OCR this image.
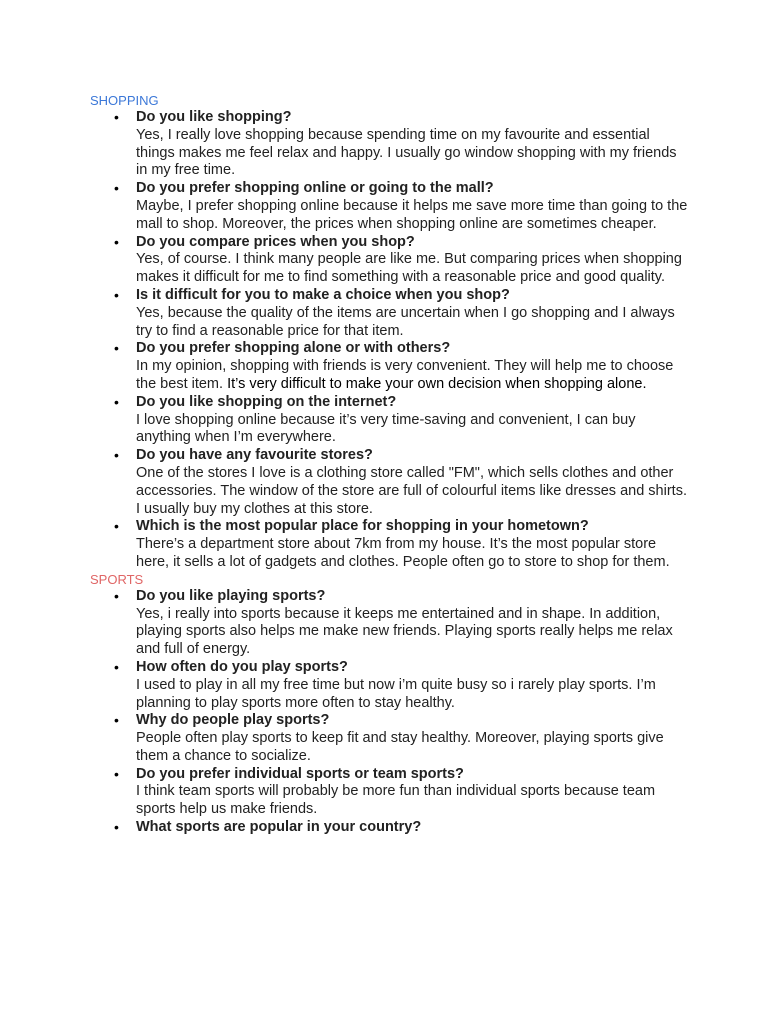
SHOPPING
• Do you like shopping?
Yes, I really love shopping because spending time on my favourite and essential things makes me feel relax and happy. I usually go window shopping with my friends in my free time.
• Do you prefer shopping online or going to the mall?
Maybe, I prefer shopping online because it helps me save more time than going to the mall to shop. Moreover, the prices when shopping online are sometimes cheaper.
• Do you compare prices when you shop?
Yes, of course. I think many people are like me. But comparing prices when shopping makes it difficult for me to find something with a reasonable price and good quality.
• Is it difficult for you to make a choice when you shop?
Yes, because the quality of the items are uncertain when I go shopping and I always try to find a reasonable price for that item.
• Do you prefer shopping alone or with others?
In my opinion, shopping with friends is very convenient. They will help me to choose the best item. It’s very difficult to make your own decision when shopping alone.
• Do you like shopping on the internet?
I love shopping online because it’s very time-saving and convenient, I can buy anything when I’m everywhere.
• Do you have any favourite stores?
One of the stores I love is a clothing store called "FM", which sells clothes and other accessories. The window of the store are full of colourful items like dresses and shirts. I usually buy my clothes at this store.
• Which is the most popular place for shopping in your hometown?
There’s a department store about 7km from my house. It’s the most popular store here, it sells a lot of gadgets and clothes. People often go to store to shop for them.
SPORTS
• Do you like playing sports?
Yes, i really into sports because it keeps me entertained and in shape. In addition, playing sports also helps me make new friends. Playing sports really helps me relax and full of energy.
• How often do you play sports?
I used to play in all my free time but now i’m quite busy so i rarely play sports. I’m planning to play sports more often to stay healthy.
• Why do people play sports?
People often play sports to keep fit and stay healthy. Moreover, playing sports give them a chance to socialize.
• Do you prefer individual sports or team sports?
I think team sports will probably be more fun than individual sports because team sports help us make friends.
• What sports are popular in your country?
